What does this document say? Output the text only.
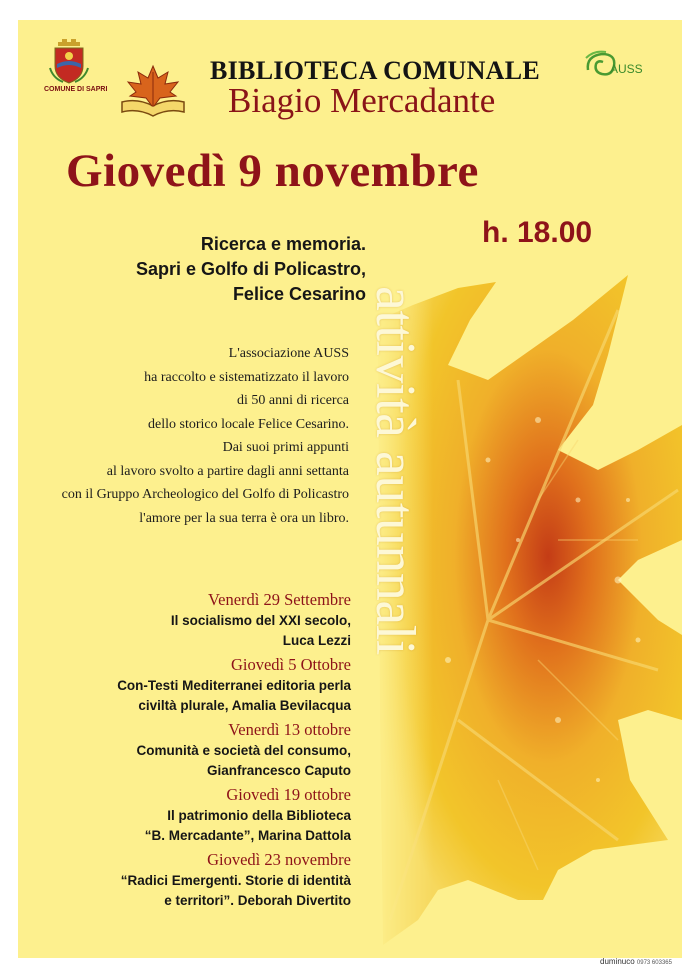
COMUNE DI SAPRI
BIBLIOTECA COMUNALE
Biagio Mercadante
AUSS
Giovedì 9 novembre
h. 18.00
Ricerca e memoria.
Sapri e Golfo di Policastro,
Felice Cesarino
L'associazione AUSS
ha raccolto e sistematizzato il lavoro
di 50 anni di ricerca
dello storico locale Felice Cesarino.
Dai suoi primi appunti
al lavoro svolto a partire dagli anni settanta
con il Gruppo Archeologico del Golfo di Policastro
l'amore per la sua terra è ora un libro. attività autunnali
Venerdì 29 Settembre
Il socialismo del XXI secolo,
Luca Lezzi
Giovedì 5 Ottobre
Con-Testi Mediterranei editoria perla
civiltà plurale, Amalia Bevilacqua
Venerdì 13 ottobre
Comunità e società del consumo,
Gianfrancesco Caputo
Giovedì 19 ottobre
Il patrimonio della Biblioteca
“B. Mercadante”, Marina Dattola
Giovedì 23 novembre
“Radici Emergenti. Storie di identità
e territori”. Deborah Divertito
duminuco 0973 603365
